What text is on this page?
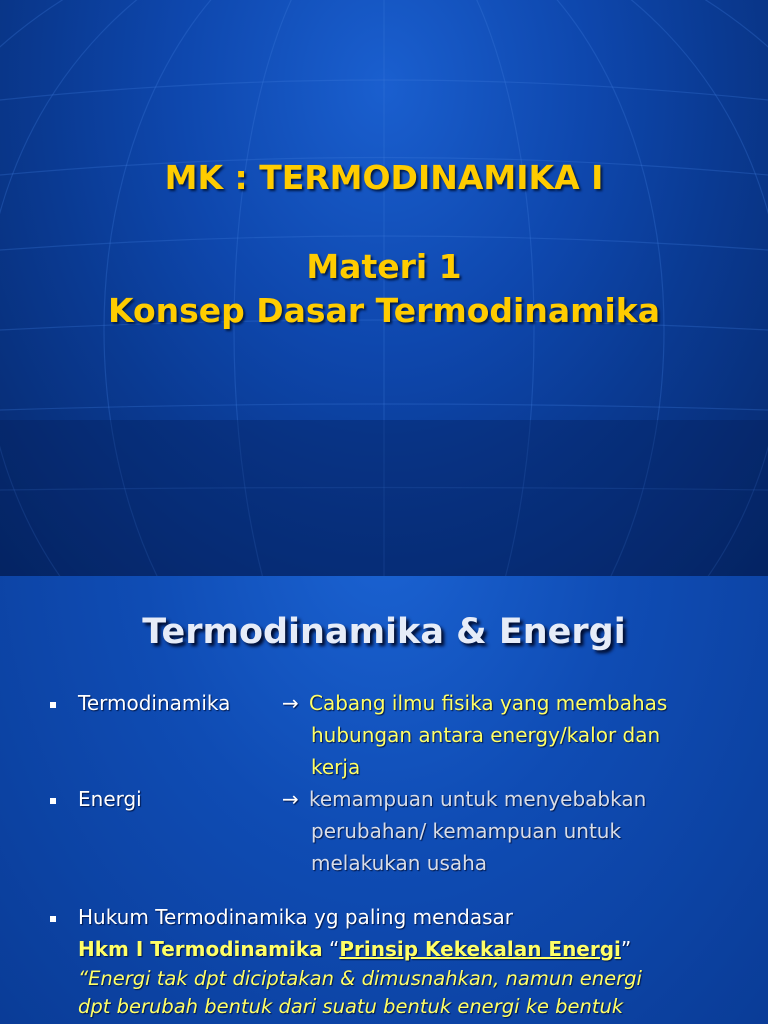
MK : TERMODINAMIKA I
Materi 1
Konsep Dasar Termodinamika
Termodinamika & Energi
Termodinamika	→ Cabang ilmu fisika yang membahas
hubungan antara energy/kalor dan
kerja
Energi	→ kemampuan untuk menyebabkan
perubahan/ kemampuan untuk
melakukan usaha
Hukum Termodinamika yg paling mendasar
Hkm I Termodinamika “Prinsip Kekekalan Energi”
“Energi tak dpt diciptakan & dimusnahkan, namun energi
dpt berubah bentuk dari suatu bentuk energi ke bentuk
